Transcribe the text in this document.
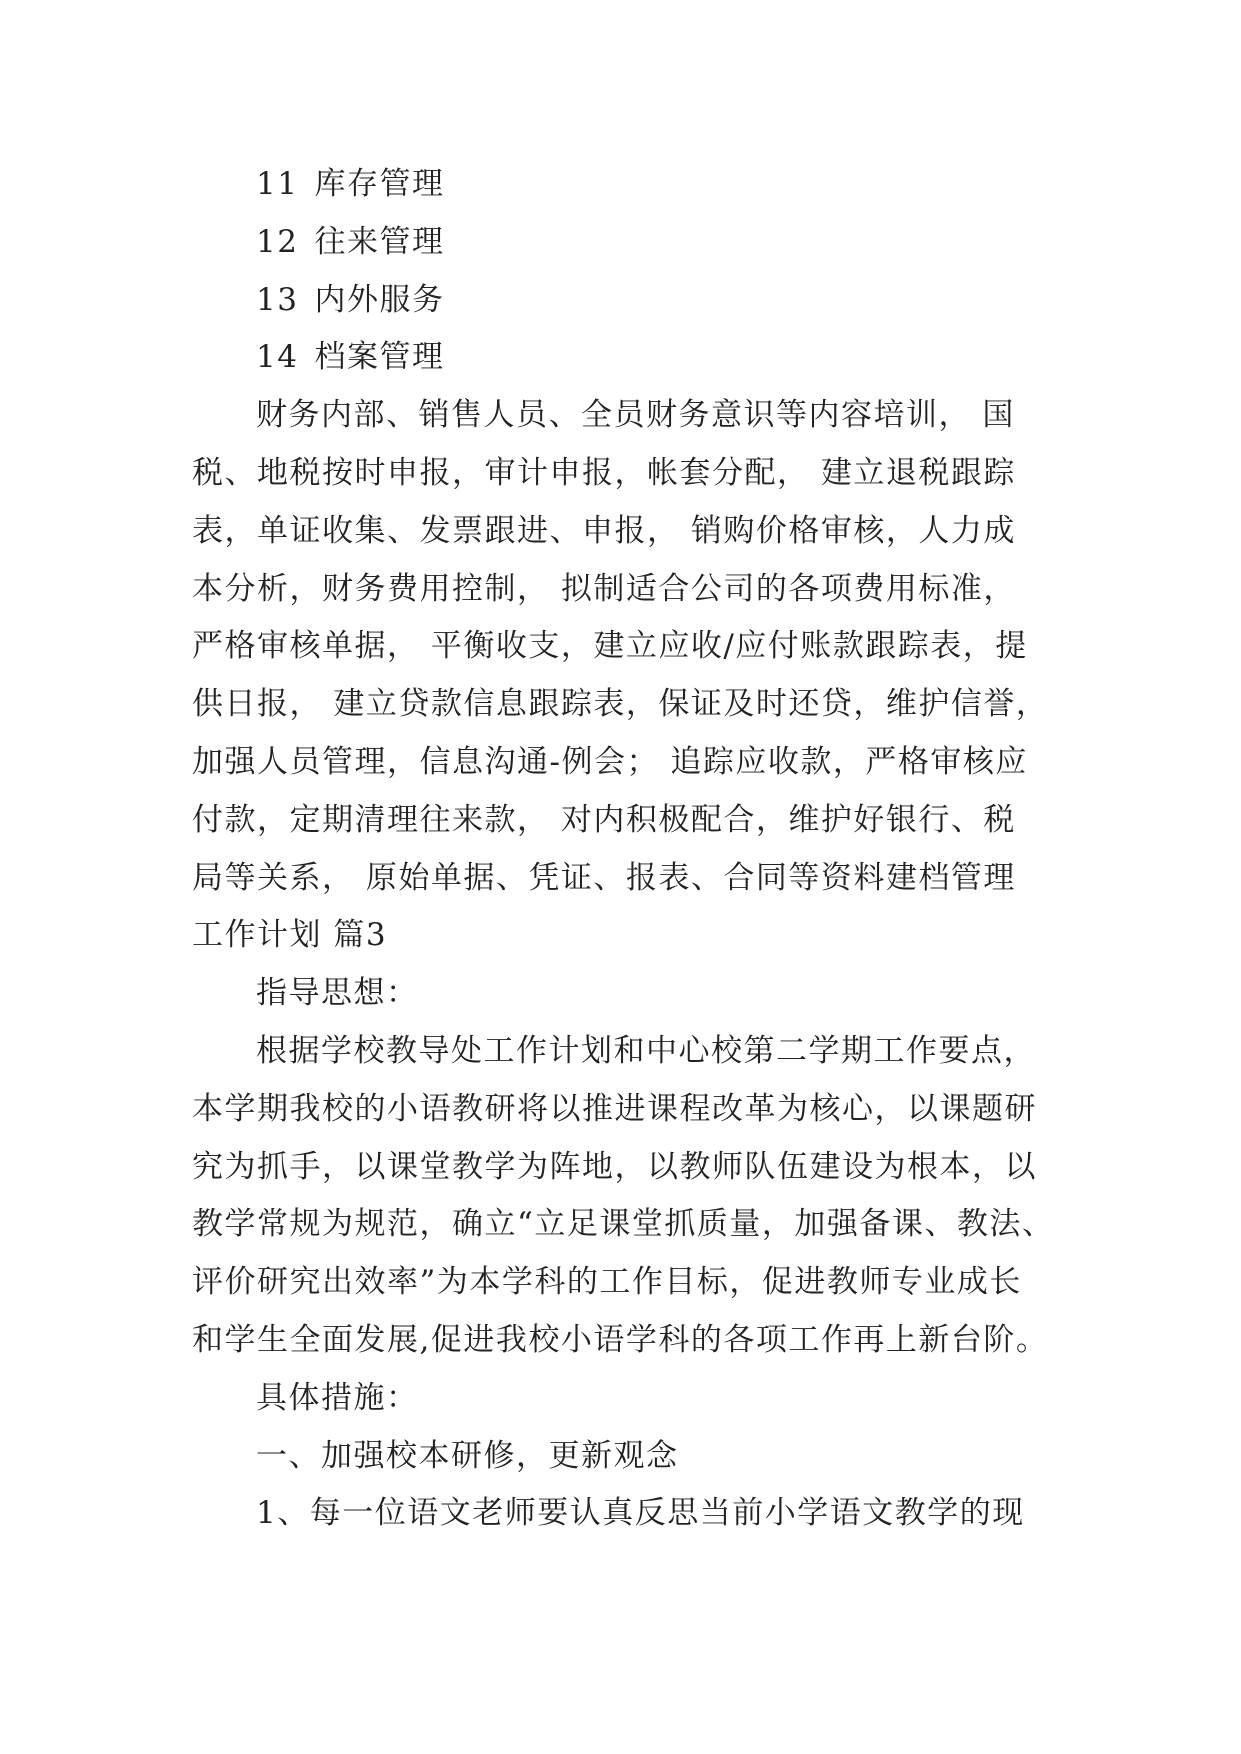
11 库存管理
12 往来管理
13 内外服务
14 档案管理
财务内部、销售人员、全员财务意识等内容培训， 国
税、地税按时申报，审计申报，帐套分配， 建立退税跟踪
表，单证收集、发票跟进、申报， 销购价格审核，人力成
本分析，财务费用控制， 拟制适合公司的各项费用标准，
严格审核单据， 平衡收支，建立应收/应付账款跟踪表，提
供日报， 建立贷款信息跟踪表，保证及时还贷，维护信誉，
加强人员管理，信息沟通-例会； 追踪应收款，严格审核应
付款，定期清理往来款， 对内积极配合，维护好银行、税
局等关系， 原始单据、凭证、报表、合同等资料建档管理
工作计划 篇3
指导思想：
根据学校教导处工作计划和中心校第二学期工作要点，
本学期我校的小语教研将以推进课程改革为核心，以课题研
究为抓手，以课堂教学为阵地，以教师队伍建设为根本，以
教学常规为规范，确立“立足课堂抓质量，加强备课、教法、
评价研究出效率”为本学科的工作目标，促进教师专业成长
和学生全面发展,促进我校小语学科的各项工作再上新台阶。
具体措施：
一、加强校本研修，更新观念
1、每一位语文老师要认真反思当前小学语文教学的现
